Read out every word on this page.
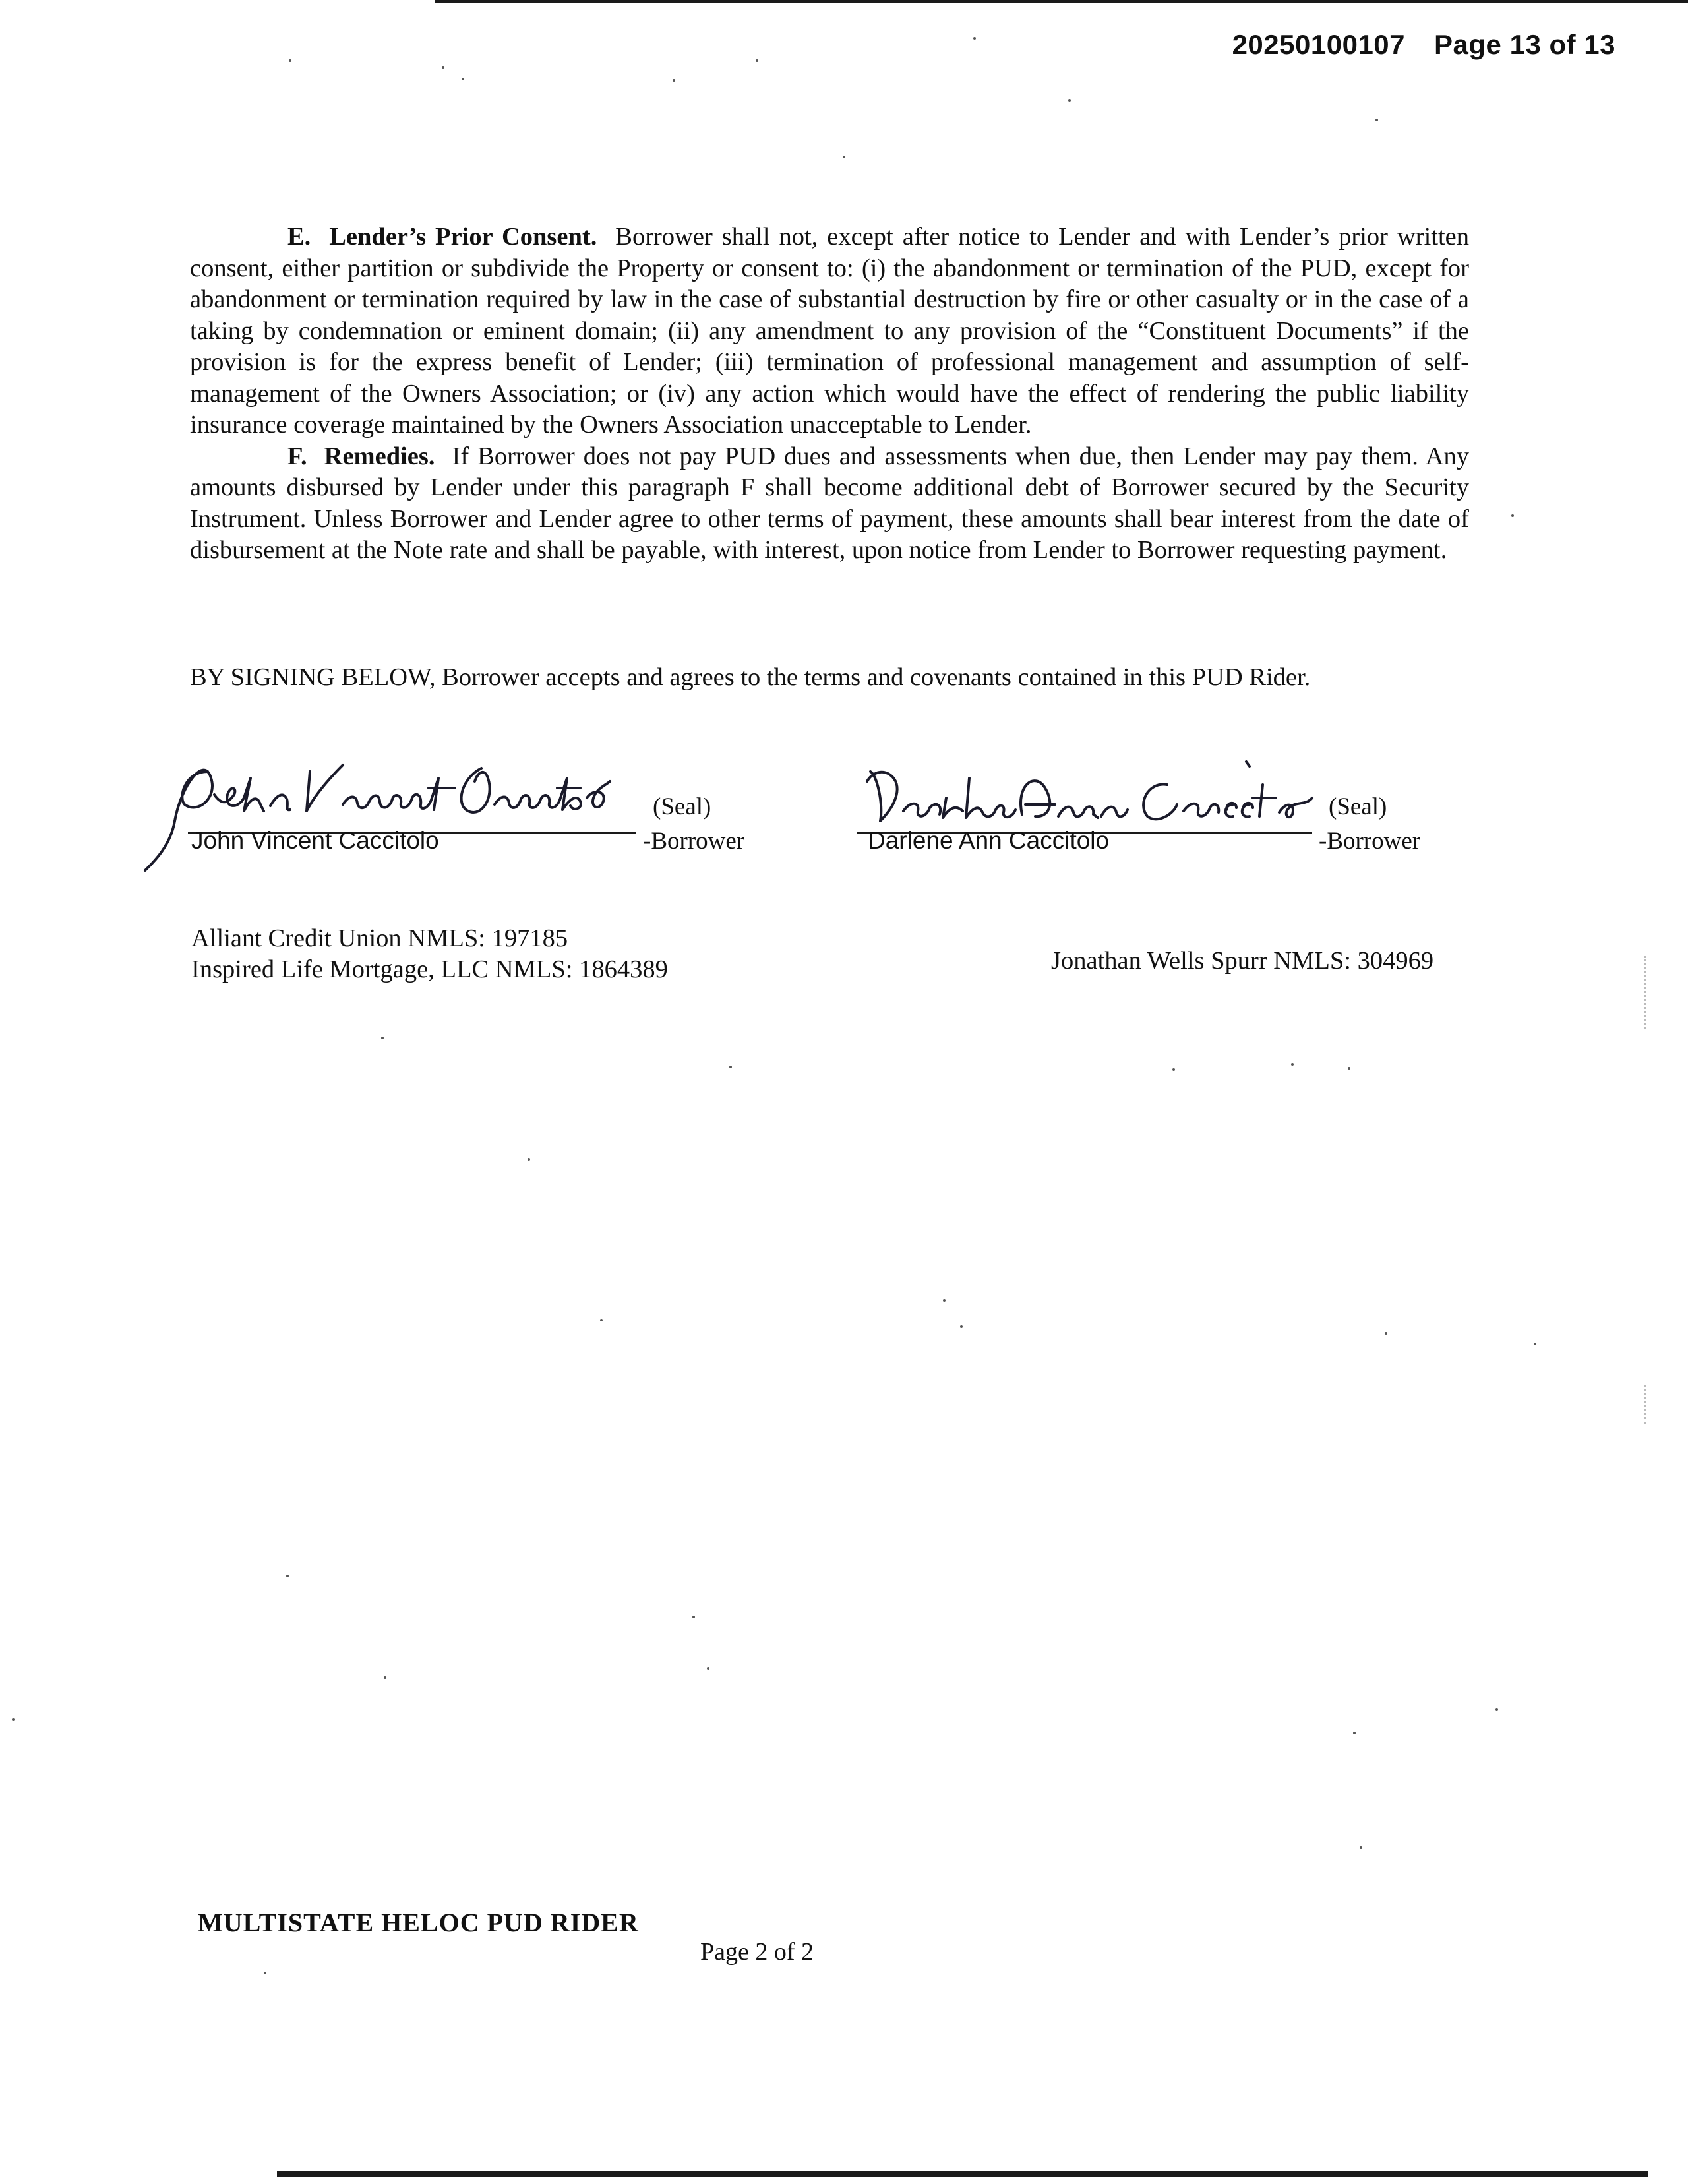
20250100107 Page 13 of 13

E. Lender’s Prior Consent. Borrower shall not, except after notice to Lender and with Lender’s prior written consent, either partition or subdivide the Property or consent to: (i) the abandonment or termination of the PUD, except for abandonment or termination required by law in the case of substantial destruction by fire or other casualty or in the case of a taking by condemnation or eminent domain; (ii) any amendment to any provision of the “Constituent Documents” if the provision is for the express benefit of Lender; (iii) termination of professional management and assumption of self-management of the Owners Association; or (iv) any action which would have the effect of rendering the public liability insurance coverage maintained by the Owners Association unacceptable to Lender.

F. Remedies. If Borrower does not pay PUD dues and assessments when due, then Lender may pay them. Any amounts disbursed by Lender under this paragraph F shall become additional debt of Borrower secured by the Security Instrument. Unless Borrower and Lender agree to other terms of payment, these amounts shall bear interest from the date of disbursement at the Note rate and shall be payable, with interest, upon notice from Lender to Borrower requesting payment.

BY SIGNING BELOW, Borrower accepts and agrees to the terms and covenants contained in this PUD Rider.
(Seal)
John Vincent Caccitolo	-Borrower
(Seal)
Darlene Ann Caccitolo	-Borrower
Alliant Credit Union NMLS: 197185
Inspired Life Mortgage, LLC NMLS: 1864389	Jonathan Wells Spurr NMLS: 304969
MULTISTATE HELOC PUD RIDER
Page 2 of 2
